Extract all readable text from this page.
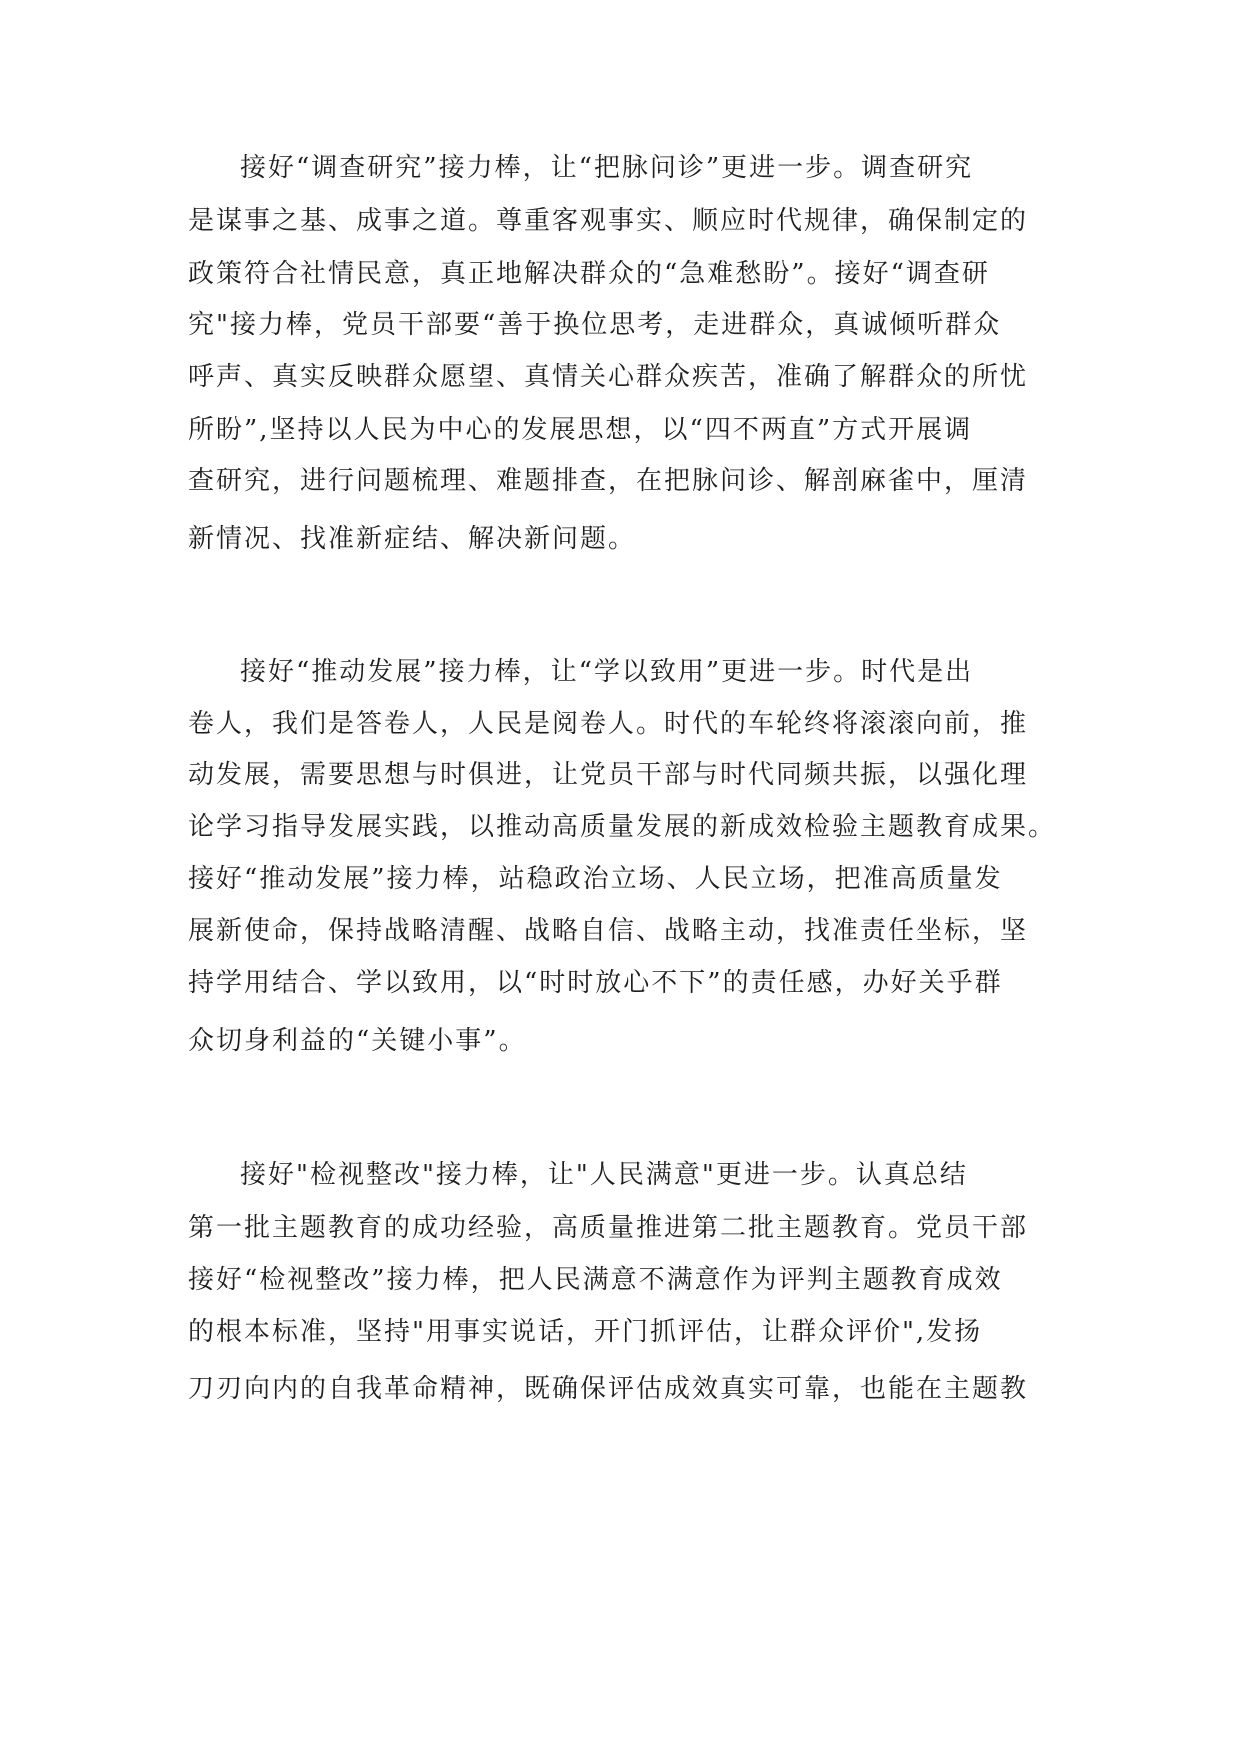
接好“调查研究”接力棒，让“把脉问诊”更进一步。调查研究
是谋事之基、成事之道。尊重客观事实、顺应时代规律，确保制定的
政策符合社情民意，真正地解决群众的“急难愁盼”。接好“调查研
究"接力棒，党员干部要“善于换位思考，走进群众，真诚倾听群众
呼声、真实反映群众愿望、真情关心群众疾苦，准确了解群众的所忧
所盼”,坚持以人民为中心的发展思想，以“四不两直”方式开展调
查研究，进行问题梳理、难题排查，在把脉问诊、解剖麻雀中，厘清
新情况、找准新症结、解决新问题。
接好“推动发展”接力棒，让“学以致用”更进一步。时代是出
卷人，我们是答卷人，人民是阅卷人。时代的车轮终将滚滚向前，推
动发展，需要思想与时俱进，让党员干部与时代同频共振，以强化理
论学习指导发展实践，以推动高质量发展的新成效检验主题教育成果。
接好“推动发展”接力棒，站稳政治立场、人民立场，把准高质量发
展新使命，保持战略清醒、战略自信、战略主动，找准责任坐标，坚
持学用结合、学以致用，以“时时放心不下”的责任感，办好关乎群
众切身利益的“关键小事”。
接好"检视整改"接力棒，让"人民满意"更进一步。认真总结
第一批主题教育的成功经验，高质量推进第二批主题教育。党员干部
接好“检视整改”接力棒，把人民满意不满意作为评判主题教育成效
的根本标准，坚持"用事实说话，开门抓评估，让群众评价",发扬
刀刃向内的自我革命精神，既确保评估成效真实可靠，也能在主题教
